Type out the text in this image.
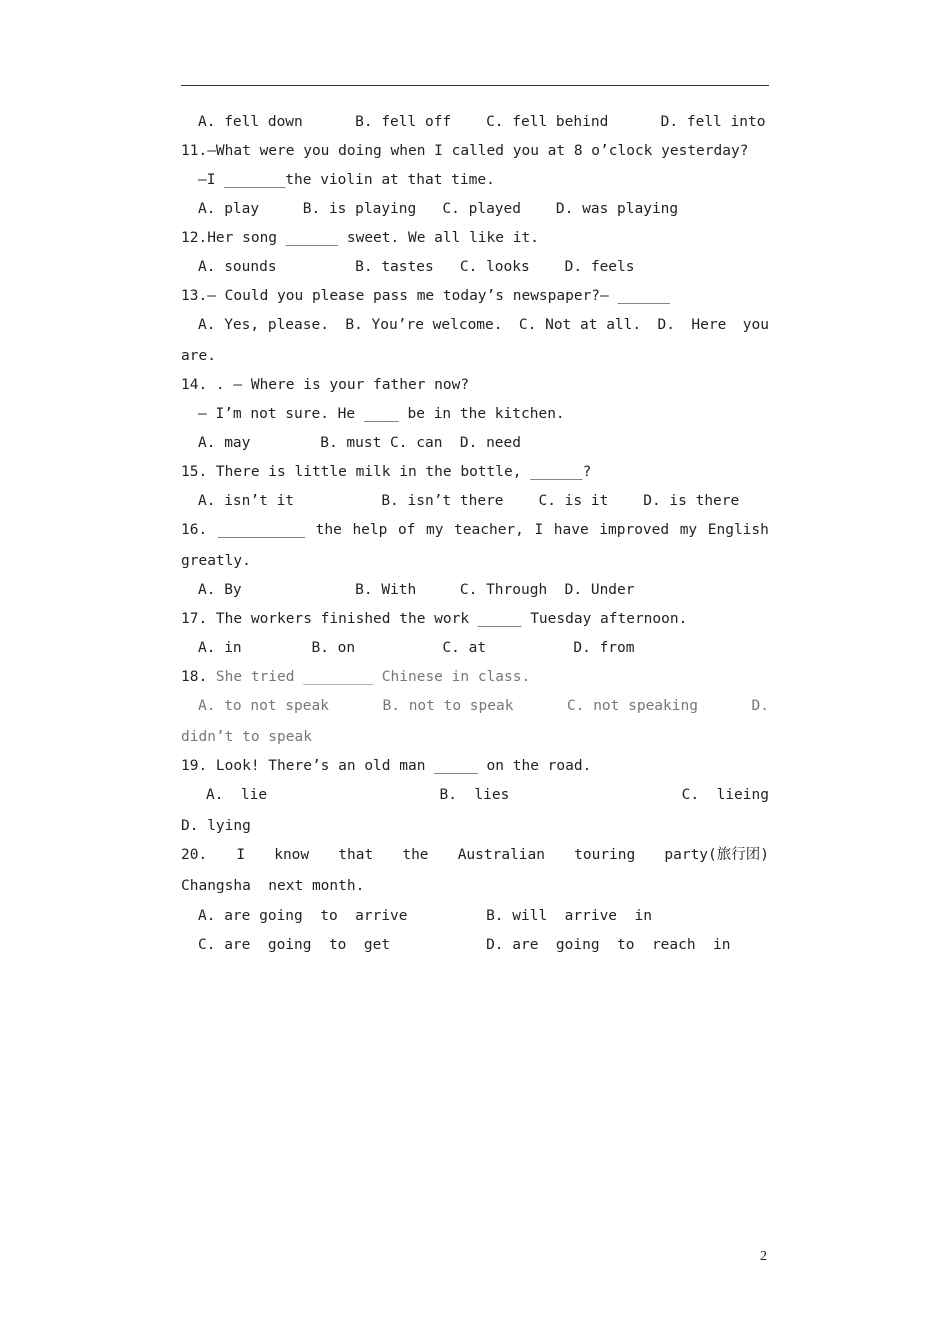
A. fell down      B. fell off    C. fell behind      D. fell into
11.—What were you doing when I called you at 8 o’clock yesterday?
—I _______the violin at that time.
A. play     B. is playing   C. played    D. was playing
12.Her song ______ sweet. We all like it.
A. sounds         B. tastes   C. looks    D. feels
13.— Could you please pass me today’s newspaper?— ______
A. Yes, please. B. You’re welcome. C. Not at all. D. Here you
are.
14. . — Where is your father now?
— I’m not sure. He ____ be in the kitchen.
A. may        B. must C. can  D. need
15. There is little milk in the bottle, ______?
A. isn’t it          B. isn’t there    C. is it    D. is there
16. __________ the help of my teacher, I have improved my English
greatly.
A. By             B. With     C. Through  D. Under
17. The workers finished the work _____ Tuesday afternoon.
A. in        B. on          C. at          D. from
18. She tried ________ Chinese in class.
A. to not speak	B. not to speak	C. not speaking	D.
didn’t to speak
19. Look! There’s an old man _____ on the road.
A.  lie	B.  lies	C.  lieing
D. lying
20. I know that the Australian touring party(旅行团)
Changsha  next month.
A. are going  to  arrive         B. will  arrive  in
C. are  going  to  get           D. are  going  to  reach  in
2
